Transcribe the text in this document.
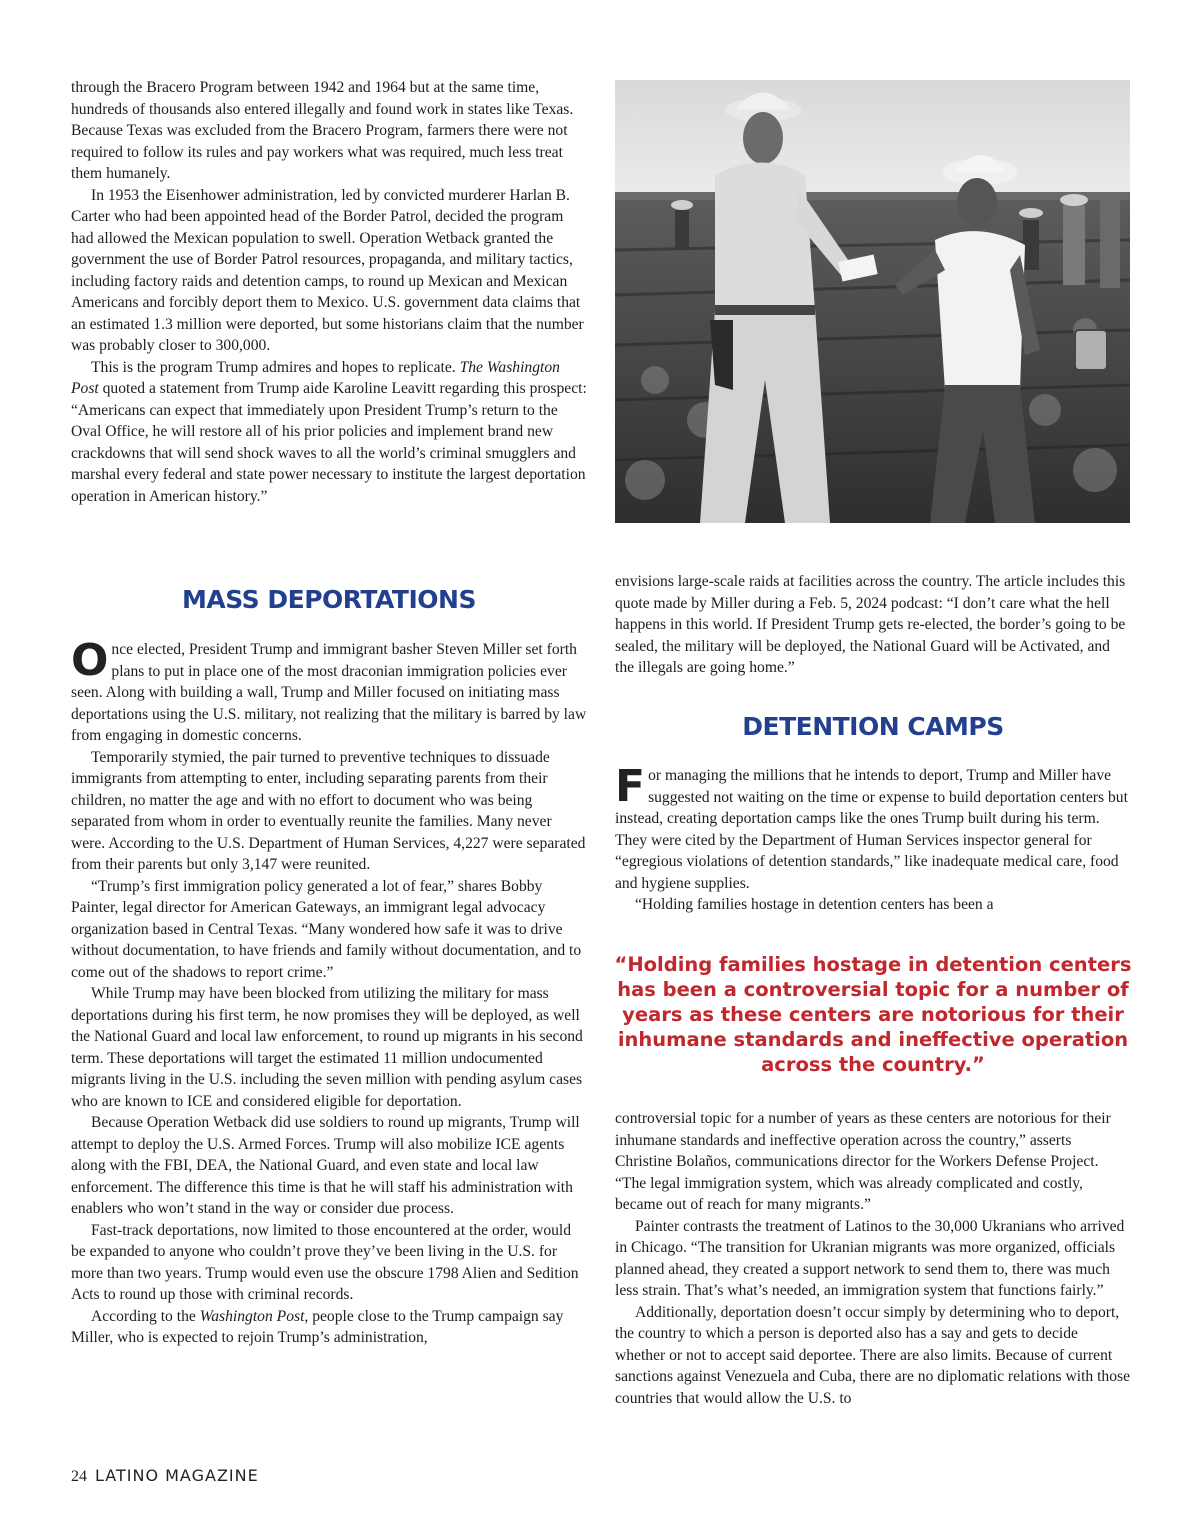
through the Bracero Program between 1942 and 1964 but at the same time, hundreds of thousands also entered illegally and found work in states like Texas. Because Texas was excluded from the Bracero Program, farmers there were not required to follow its rules and pay workers what was required, much less treat them humanely.

In 1953 the Eisenhower administration, led by convicted murderer Harlan B. Carter who had been appointed head of the Border Patrol, decided the program had allowed the Mexican population to swell. Operation Wetback granted the government the use of Border Patrol resources, propaganda, and military tactics, including factory raids and detention camps, to round up Mexican and Mexican Americans and forcibly deport them to Mexico. U.S. government data claims that an estimated 1.3 million were deported, but some historians claim that the number was probably closer to 300,000.

This is the program Trump admires and hopes to replicate. The Washington Post quoted a statement from Trump aide Karoline Leavitt regarding this prospect: “Americans can expect that immediately upon President Trump’s return to the Oval Office, he will restore all of his prior policies and implement brand new crackdowns that will send shock waves to all the world’s criminal smugglers and marshal every federal and state power necessary to institute the largest deportation operation in American history.”

MASS DEPORTATIONS

Once elected, President Trump and immigrant basher Steven Miller set forth plans to put in place one of the most draconian immigration policies ever seen. Along with building a wall, Trump and Miller focused on initiating mass deportations using the U.S. military, not realizing that the military is barred by law from engaging in domestic concerns.

Temporarily stymied, the pair turned to preventive techniques to dissuade immigrants from attempting to enter, including separating parents from their children, no matter the age and with no effort to document who was being separated from whom in order to eventually reunite the families. Many never were. According to the U.S. Department of Human Services, 4,227 were separated from their parents but only 3,147 were reunited.

“Trump’s first immigration policy generated a lot of fear,” shares Bobby Painter, legal director for American Gateways, an immigrant legal advocacy organization based in Central Texas. “Many wondered how safe it was to drive without documentation, to have friends and family without documentation, and to come out of the shadows to report crime.”

While Trump may have been blocked from utilizing the military for mass deportations during his first term, he now promises they will be deployed, as well the National Guard and local law enforcement, to round up migrants in his second term. These deportations will target the estimated 11 million undocumented migrants living in the U.S. including the seven million with pending asylum cases who are known to ICE and considered eligible for deportation.

Because Operation Wetback did use soldiers to round up migrants, Trump will attempt to deploy the U.S. Armed Forces. Trump will also mobilize ICE agents along with the FBI, DEA, the National Guard, and even state and local law enforcement. The difference this time is that he will staff his administration with enablers who won’t stand in the way or consider due process.

Fast-track deportations, now limited to those encountered at the order, would be expanded to anyone who couldn’t prove they’ve been living in the U.S. for more than two years. Trump would even use the obscure 1798 Alien and Sedition Acts to round up those with criminal records.

According to the Washington Post, people close to the Trump campaign say Miller, who is expected to rejoin Trump’s administration,

envisions large-scale raids at facilities across the country. The article includes this quote made by Miller during a Feb. 5, 2024 podcast: “I don’t care what the hell happens in this world. If President Trump gets re-elected, the border’s going to be sealed, the military will be deployed, the National Guard will be Activated, and the illegals are going home.”

DETENTION CAMPS

For managing the millions that he intends to deport, Trump and Miller have suggested not waiting on the time or expense to build deportation centers but instead, creating deportation camps like the ones Trump built during his term. They were cited by the Department of Human Services inspector general for “egregious violations of detention standards,” like inadequate medical care, food and hygiene supplies.

“Holding families hostage in detention centers has been a

“Holding families hostage in detention centers has been a controversial topic for a number of years as these centers are notorious for their inhumane standards and ineffective operation across the country.”

controversial topic for a number of years as these centers are notorious for their inhumane standards and ineffective operation across the country,” asserts Christine Bolaños, communications director for the Workers Defense Project. “The legal immigration system, which was already complicated and costly, became out of reach for many migrants.”

Painter contrasts the treatment of Latinos to the 30,000 Ukranians who arrived in Chicago. “The transition for Ukranian migrants was more organized, officials planned ahead, they created a support network to send them to, there was much less strain. That’s what’s needed, an immigration system that functions fairly.”

Additionally, deportation doesn’t occur simply by determining who to deport, the country to which a person is deported also has a say and gets to decide whether or not to accept said deportee. There are also limits. Because of current sanctions against Venezuela and Cuba, there are no diplomatic relations with those countries that would allow the U.S. to

24 LATINO MAGAZINE
